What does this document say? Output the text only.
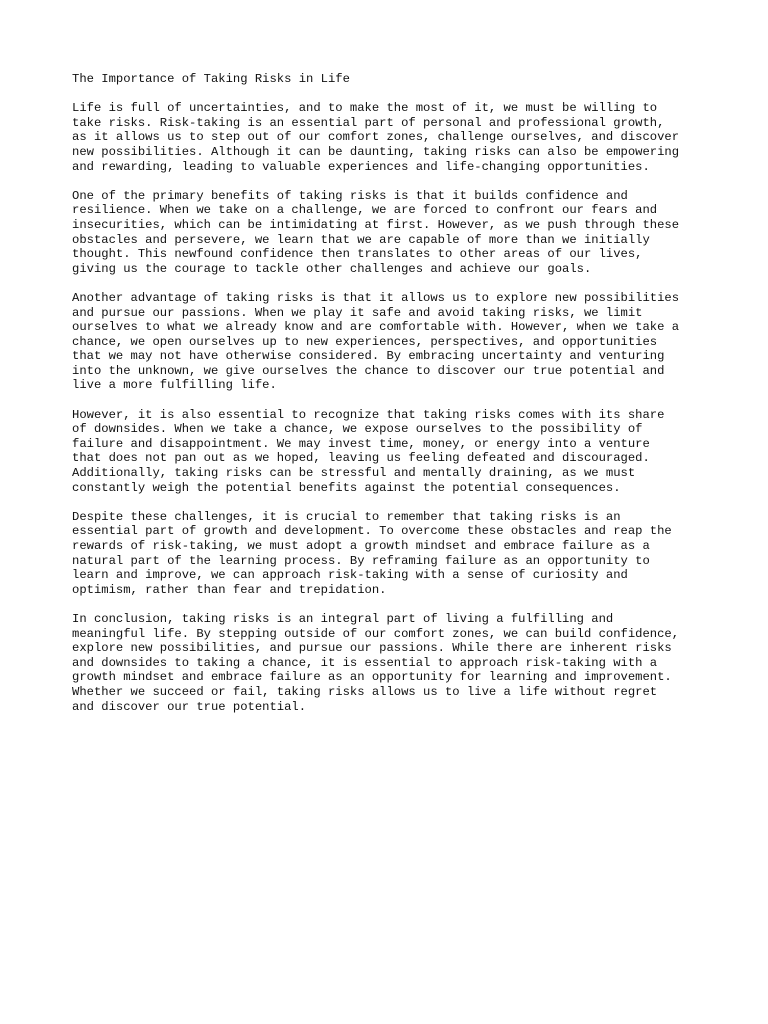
The Importance of Taking Risks in Life
Life is full of uncertainties, and to make the most of it, we must be willing to
take risks. Risk-taking is an essential part of personal and professional growth,
as it allows us to step out of our comfort zones, challenge ourselves, and discover
new possibilities. Although it can be daunting, taking risks can also be empowering
and rewarding, leading to valuable experiences and life-changing opportunities.
One of the primary benefits of taking risks is that it builds confidence and
resilience. When we take on a challenge, we are forced to confront our fears and
insecurities, which can be intimidating at first. However, as we push through these
obstacles and persevere, we learn that we are capable of more than we initially
thought. This newfound confidence then translates to other areas of our lives,
giving us the courage to tackle other challenges and achieve our goals.
Another advantage of taking risks is that it allows us to explore new possibilities
and pursue our passions. When we play it safe and avoid taking risks, we limit
ourselves to what we already know and are comfortable with. However, when we take a
chance, we open ourselves up to new experiences, perspectives, and opportunities
that we may not have otherwise considered. By embracing uncertainty and venturing
into the unknown, we give ourselves the chance to discover our true potential and
live a more fulfilling life.
However, it is also essential to recognize that taking risks comes with its share
of downsides. When we take a chance, we expose ourselves to the possibility of
failure and disappointment. We may invest time, money, or energy into a venture
that does not pan out as we hoped, leaving us feeling defeated and discouraged.
Additionally, taking risks can be stressful and mentally draining, as we must
constantly weigh the potential benefits against the potential consequences.
Despite these challenges, it is crucial to remember that taking risks is an
essential part of growth and development. To overcome these obstacles and reap the
rewards of risk-taking, we must adopt a growth mindset and embrace failure as a
natural part of the learning process. By reframing failure as an opportunity to
learn and improve, we can approach risk-taking with a sense of curiosity and
optimism, rather than fear and trepidation.
In conclusion, taking risks is an integral part of living a fulfilling and
meaningful life. By stepping outside of our comfort zones, we can build confidence,
explore new possibilities, and pursue our passions. While there are inherent risks
and downsides to taking a chance, it is essential to approach risk-taking with a
growth mindset and embrace failure as an opportunity for learning and improvement.
Whether we succeed or fail, taking risks allows us to live a life without regret
and discover our true potential.
